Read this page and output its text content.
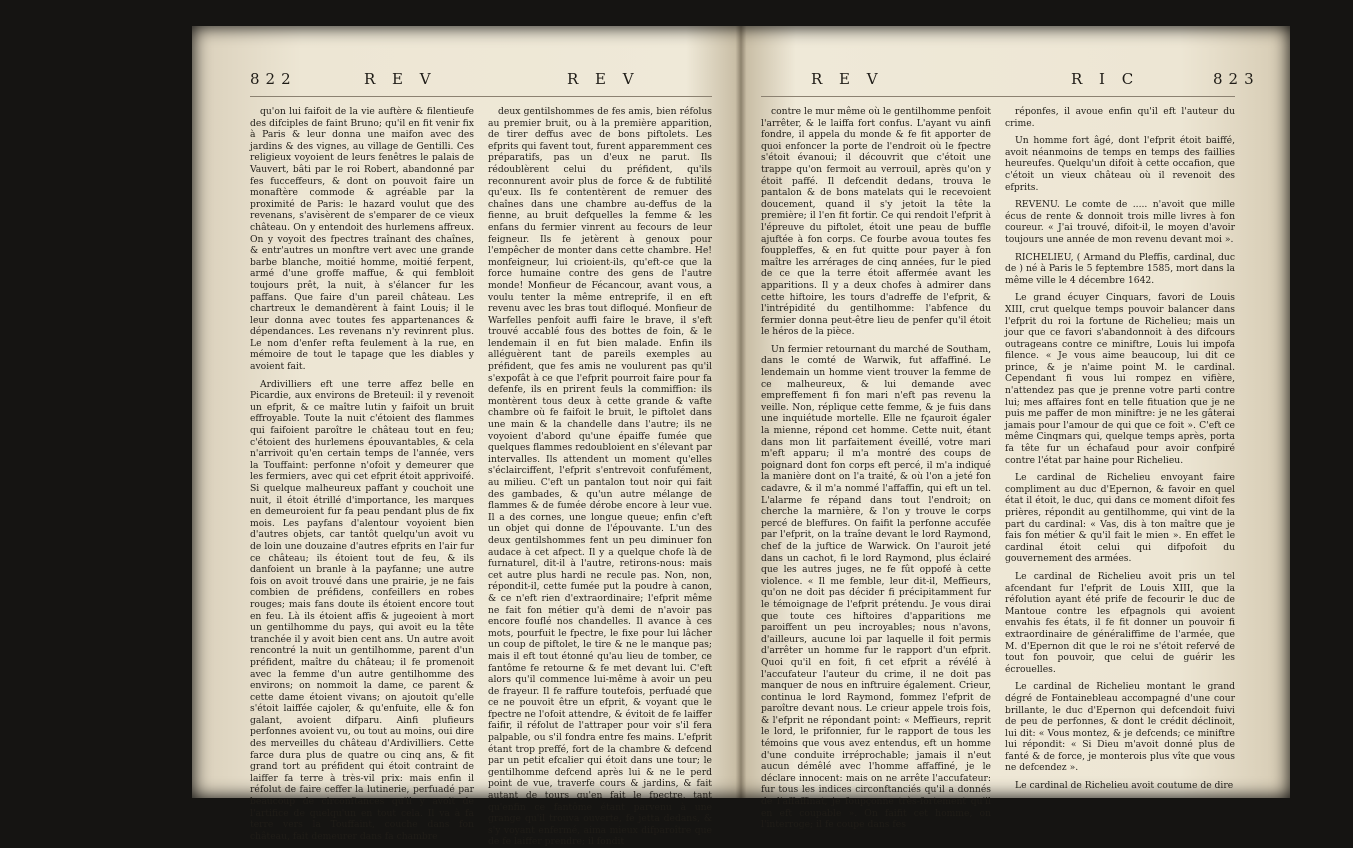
822	R E V	R E V

qu'on lui faifoit de la vie auftère & filentieufe des difciples de faint Bruno; qu'il en fit venir fix à Paris & leur donna une maifon avec des jardins & des vignes, au village de Gentilli. Ces religieux voyoient de leurs fenêtres le palais de Vauvert, bâti par le roi Robert, abandonné par fes fucceffeurs, & dont on pouvoit faire un monaftère commode & agréable par la proximité de Paris: le hazard voulut que des revenans, s'avisèrent de s'emparer de ce vieux château. On y entendoit des hurlemens affreux. On y voyoit des fpectres traînant des chaînes, & entr'autres un monftre vert avec une grande barbe blanche, moitié homme, moitié ferpent, armé d'une groffe maffue, & qui fembloit toujours prêt, la nuit, à s'élancer fur les paffans. Que faire d'un pareil château. Les chartreux le demandèrent à faint Louis; il le leur donna avec toutes fes appartenances & dépendances. Les revenans n'y revinrent plus. Le nom d'enfer refta feulement à la rue, en mémoire de tout le tapage que les diables y avoient fait.

Ardivilliers eft une terre affez belle en Picardie, aux environs de Breteuil: il y revenoit un efprit, & ce maître lutin y faifoit un bruit effroyable. Toute la nuit c'étoient des flammes qui faifoient paroître le château tout en feu; c'étoient des hurlemens épouvantables, & cela n'arrivoit qu'en certain temps de l'année, vers la Touffaint: perfonne n'ofoit y demeurer que les fermiers, avec qui cet efprit étoit apprivoifé. Si quelque malheureux paffant y couchoit une nuit, il étoit étrillé d'importance, les marques en demeuroient fur fa peau pendant plus de fix mois. Les payfans d'alentour voyoient bien d'autres objets, car tantôt quelqu'un avoit vu de loin une douzaine d'autres efprits en l'air fur ce château; ils étoient tout de feu, & ils danfoient un branle à la payfanne; une autre fois on avoit trouvé dans une prairie, je ne fais combien de préfidens, confeillers en robes rouges; mais fans doute ils étoient encore tout en feu. Là ils étoient affis & jugeoient à mort un gentilhomme du pays, qui avoit eu la tête tranchée il y avoit bien cent ans. Un autre avoit rencontré la nuit un gentilhomme, parent d'un préfident, maître du château; il fe promenoit avec la femme d'un autre gentilhomme des environs; on nommoit la dame, ce parent & cette dame étoient vivans; on ajoutoit qu'elle s'étoit laiffée cajoler, & qu'enfuite, elle & fon galant, avoient difparu. Ainfi plufieurs perfonnes avoient vu, ou tout au moins, oui dire des merveilles du château d'Ardivilliers. Cette farce dura plus de quatre ou cinq ans, & fit grand tort au préfident qui étoit contraint de laiffer fa terre à très-vil prix: mais enfin il réfolut de faire ceffer la lutinerie, perfuadé par beaucoup de circonftances qu'il y avoit de l'artifice de quelqu'un en tout cela. Il va à fa terre vers la Touffaint, couche dans fon château, fait demeurer dans fa chambre

deux gentilshommes de fes amis, bien réfolus au premier bruit, ou à la première apparition, de tirer deffus avec de bons piftolets. Les efprits qui favent tout, furent apparemment ces préparatifs, pas un d'eux ne parut. Ils rédoublèrent celui du préfident, qu'ils reconnurent avoir plus de force & de fubtilité qu'eux. Ils fe contentèrent de remuer des chaînes dans une chambre au-deffus de la fienne, au bruit defquelles la femme & les enfans du fermier vinrent au fecours de leur feigneur. Ils fe jetèrent à genoux pour l'empêcher de monter dans cette chambre. He! monfeigneur, lui crioient-ils, qu'eft-ce que la force humaine contre des gens de l'autre monde! Monfieur de Fécancour, avant vous, a voulu tenter la même entreprife, il en eft revenu avec les bras tout difloqué. Monfieur de Warfelles penfoit auffi faire le brave, il s'eft trouvé accablé fous des bottes de foin, & le lendemain il en fut bien malade. Enfin ils alléguèrent tant de pareils exemples au préfident, que fes amis ne voulurent pas qu'il s'expofât à ce que l'efprit pourroit faire pour fa defenfe, ils en prirent feuls la commiffion: ils montèrent tous deux à cette grande & vafte chambre où fe faifoit le bruit, le piftolet dans une main & la chandelle dans l'autre; ils ne voyoient d'abord qu'une épaiffe fumée que quelques flammes redoubloient en s'élevant par intervalles. Ils attendent un moment qu'elles s'éclairciffent, l'efprit s'entrevoit confufément, au milieu. C'eft un pantalon tout noir qui fait des gambades, & qu'un autre mélange de flammes & de fumée dérobe encore à leur vue. Il a des cornes, une longue queue; enfin c'eft un objet qui donne de l'épouvante. L'un des deux gentilshommes fent un peu diminuer fon audace à cet afpect. Il y a quelque chofe là de furnaturel, dit-il à l'autre, retirons-nous: mais cet autre plus hardi ne recule pas. Non, non, répondit-il, cette fumée put la poudre à canon, & ce n'eft rien d'extraordinaire; l'efprit même ne fait fon métier qu'à demi de n'avoir pas encore fouflé nos chandelles. Il avance à ces mots, pourfuit le fpectre, le fixe pour lui lâcher un coup de piftolet, le tire & ne le manque pas; mais il eft tout étonné qu'au lieu de tomber, ce fantôme fe retourne & fe met devant lui. C'eft alors qu'il commence lui-même à avoir un peu de frayeur. Il fe raffure toutefois, perfuadé que ce ne pouvoit être un efprit, & voyant que le fpectre ne l'ofoit attendre, & évitoit de fe laiffer faifir, il réfolut de l'attraper pour voir s'il fera palpable, ou s'il fondra entre fes mains. L'efprit étant trop preffé, fort de la chambre & defcend par un petit efcalier qui étoit dans une tour; le gentilhomme defcend après lui & ne le perd point de vue, traverfe cours & jardins, & fait autant de tours qu'en fait le fpectre, tant qu'enfin ce fantôme étant parvenu à une grange qu'il trouva ouverte, fe jetta dedans, & s'y voyant enfermé, aima mieux difparoître que de fe laiffer prendre; il fondit

R E V	R I C	823

contre le mur même où le gentilhomme penfoit l'arrêter, & le laiffa fort confus. L'ayant vu ainfi fondre, il appela du monde & fe fit apporter de quoi enfoncer la porte de l'endroit où le fpectre s'étoit évanoui; il découvrit que c'étoit une trappe qu'on fermoit au verrouil, après qu'on y étoit paffé. Il defcendit dedans, trouva le pantalon & de bons matelats qui le recevoient doucement, quand il s'y jetoit la tête la première; il l'en fit fortir. Ce qui rendoit l'efprit à l'épreuve du piftolet, étoit une peau de buffle ajuftée à fon corps. Ce fourbe avoua toutes fes fouppleffes, & en fut quitte pour payer à fon maître les arrérages de cinq années, fur le pied de ce que la terre étoit affermée avant les apparitions. Il y a deux chofes à admirer dans cette hiftoire, les tours d'adreffe de l'efprit, & l'intrépidité du gentilhomme: l'abfence du fermier donna peut-être lieu de penfer qu'il étoit le héros de la pièce.

Un fermier retournant du marché de Southam, dans le comté de Warwik, fut affaffiné. Le lendemain un homme vient trouver la femme de ce malheureux, & lui demande avec empreffement fi fon mari n'eft pas revenu la veille. Non, réplique cette femme, & je fuis dans une inquiétude mortelle. Elle ne fçauroit égaler la mienne, répond cet homme. Cette nuit, étant dans mon lit parfaitement éveillé, votre mari m'eft apparu; il m'a montré des coups de poignard dont fon corps eft percé, il m'a indiqué la manière dont on l'a traité, & où l'on a jeté fon cadavre, & il m'a nommé l'affaffin, qui eft un tel. L'alarme fe répand dans tout l'endroit; on cherche la marnière, & l'on y trouve le corps percé de bleffures. On faifit la perfonne accufée par l'efprit, on la traîne devant le lord Raymond, chef de la juftice de Warwick. On l'auroit jeté dans un cachot, fi le lord Raymond, plus éclairé que les autres juges, ne fe fût oppofé à cette violence. « Il me femble, leur dit-il, Meffieurs, qu'on ne doit pas décider fi précipitamment fur le témoignage de l'efprit prétendu. Je vous dirai que toute ces hiftoires d'apparitions me paroiffent un peu incroyables; nous n'avons, d'ailleurs, aucune loi par laquelle il foit permis d'arrêter un homme fur le rapport d'un efprit. Quoi qu'il en foit, fi cet efprit a révélé à l'accufateur l'auteur du crime, il ne doit pas manquer de nous en inftruire également. Crieur, continua le lord Raymond, fommez l'efprit de paroître devant nous. Le crieur appele trois fois, & l'efprit ne répondant point: « Meffieurs, reprit le lord, le prifonnier, fur le rapport de tous les témoins que vous avez entendus, eft un homme d'une conduite irréprochable; jamais il n'eut aucun démêlé avec l'homme affaffiné, je le déclare innocent: mais on ne arrête l'accufateur: fur tous les indices circonftanciés qu'il a donnés de l'affaffinat, je foupçonne très-fortement qu'il en eft coupable ». On faifit cet homme, on l'interroge; il fe coupe dans fes

réponfes, il avoue enfin qu'il eft l'auteur du crime.

Un homme fort âgé, dont l'efprit étoit baiffé, avoit néanmoins de temps en temps des faillies heureufes. Quelqu'un difoit à cette occafion, que c'étoit un vieux château où il revenoit des efprits.

REVENU. Le comte de ..... n'avoit que mille écus de rente & donnoit trois mille livres à fon coureur. « J'ai trouvé, difoit-il, le moyen d'avoir toujours une année de mon revenu devant moi ».

RICHELIEU, ( Armand du Pleffis, cardinal, duc de ) né à Paris le 5 feptembre 1585, mort dans la même ville le 4 décembre 1642.

Le grand écuyer Cinquars, favori de Louis XIII, crut quelque temps pouvoir balancer dans l'efprit du roi la fortune de Richelieu; mais un jour que ce favori s'abandonnoit à des difcours outrageans contre ce miniftre, Louis lui impofa filence. « Je vous aime beaucoup, lui dit ce prince, & je n'aime point M. le cardinal. Cependant fi vous lui rompez en vifière, n'attendez pas que je prenne votre parti contre lui; mes affaires font en telle fituation que je ne puis me paffer de mon miniftre: je ne les gâterai jamais pour l'amour de qui que ce foit ». C'eft ce même Cinqmars qui, quelque temps après, porta fa tête fur un échafaud pour avoir confpiré contre l'état par haine pour Richelieu.

Le cardinal de Richelieu envoyant faire compliment au duc d'Epernon, & favoir en quel état il étoit, le duc, qui dans ce moment difoit fes prières, répondit au gentilhomme, qui vint de la part du cardinal: « Vas, dis à ton maître que je fais fon métier & qu'il fait le mien ». En effet le cardinal étoit celui qui difpofoit du gouvernement des armées.

Le cardinal de Richelieu avoit pris un tel afcendant fur l'efprit de Louis XIII, que la réfolution ayant été prife de fecourir le duc de Mantoue contre les efpagnols qui avoient envahis fes états, il fe fit donner un pouvoir fi extraordinaire de généraliffime de l'armée, que M. d'Epernon dit que le roi ne s'étoit refervé de tout fon pouvoir, que celui de guérir les écrouelles.

Le cardinal de Richelieu montant le grand dégré de Fontainebleau accompagné d'une cour brillante, le duc d'Epernon qui defcendoit fuivi de peu de perfonnes, & dont le crédit déclinoit, lui dit: « Vous montez, & je defcends; ce miniftre lui répondit: « Si Dieu m'avoit donné plus de fanté & de force, je monterois plus vîte que vous ne defcendez ».

Le cardinal de Richelieu avoit coutume de dire
